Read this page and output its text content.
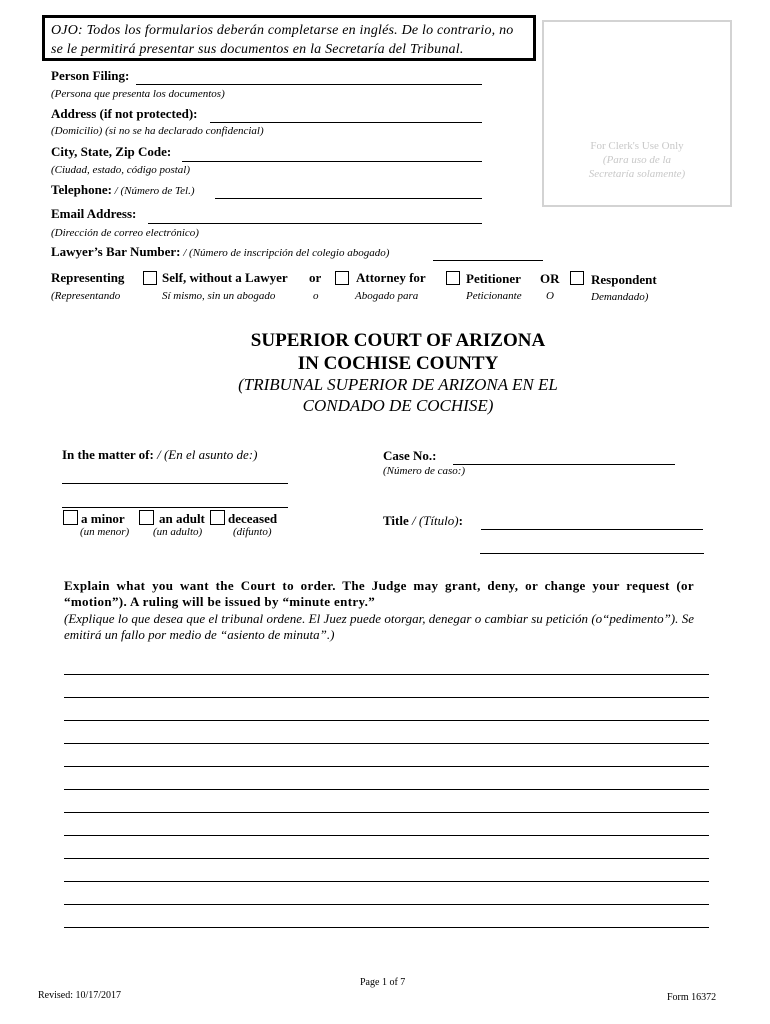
OJO: Todos los formularios deberán completarse en inglés. De lo contrario, no
se le permitirá presentar sus documentos en la Secretaría del Tribunal.
For Clerk's Use Only
(Para uso de la
Secretaría solamente)
Person Filing:
(Persona que presenta los documentos)
Address (if not protected):
(Domicilio) (si no se ha declarado confidencial)
City, State, Zip Code:
(Ciudad, estado, código postal)
Telephone: / (Número de Tel.)
Email Address:
(Dirección de correo electrónico)
Lawyer’s Bar Number: / (Número de inscripción del colegio abogado)
Representing
(Representando
Self, without a Lawyer
Sí mismo, sin un abogado
or
o
Attorney for
Abogado para
Petitioner
Peticionante
OR
O
Respondent
Demandado)
SUPERIOR COURT OF ARIZONA
IN COCHISE COUNTY
(TRIBUNAL SUPERIOR DE ARIZONA EN EL
CONDADO DE COCHISE)
In the matter of: / (En el asunto de:)
a minor
(un menor)
an adult
(un adulto)
deceased
(difunto)
Case No.:
(Número de caso:)
Title / (Título):
Explain what you want the Court to order. The Judge may grant, deny, or change your request (or “motion”). A ruling will be issued by “minute entry.”
(Explique lo que desea que el tribunal ordene. El Juez puede otorgar, denegar o cambiar su petición (o“pedimento”). Se emitirá un fallo por medio de “asiento de minuta”.)
Page 1 of 7
Revised: 10/17/2017	Form 16372
